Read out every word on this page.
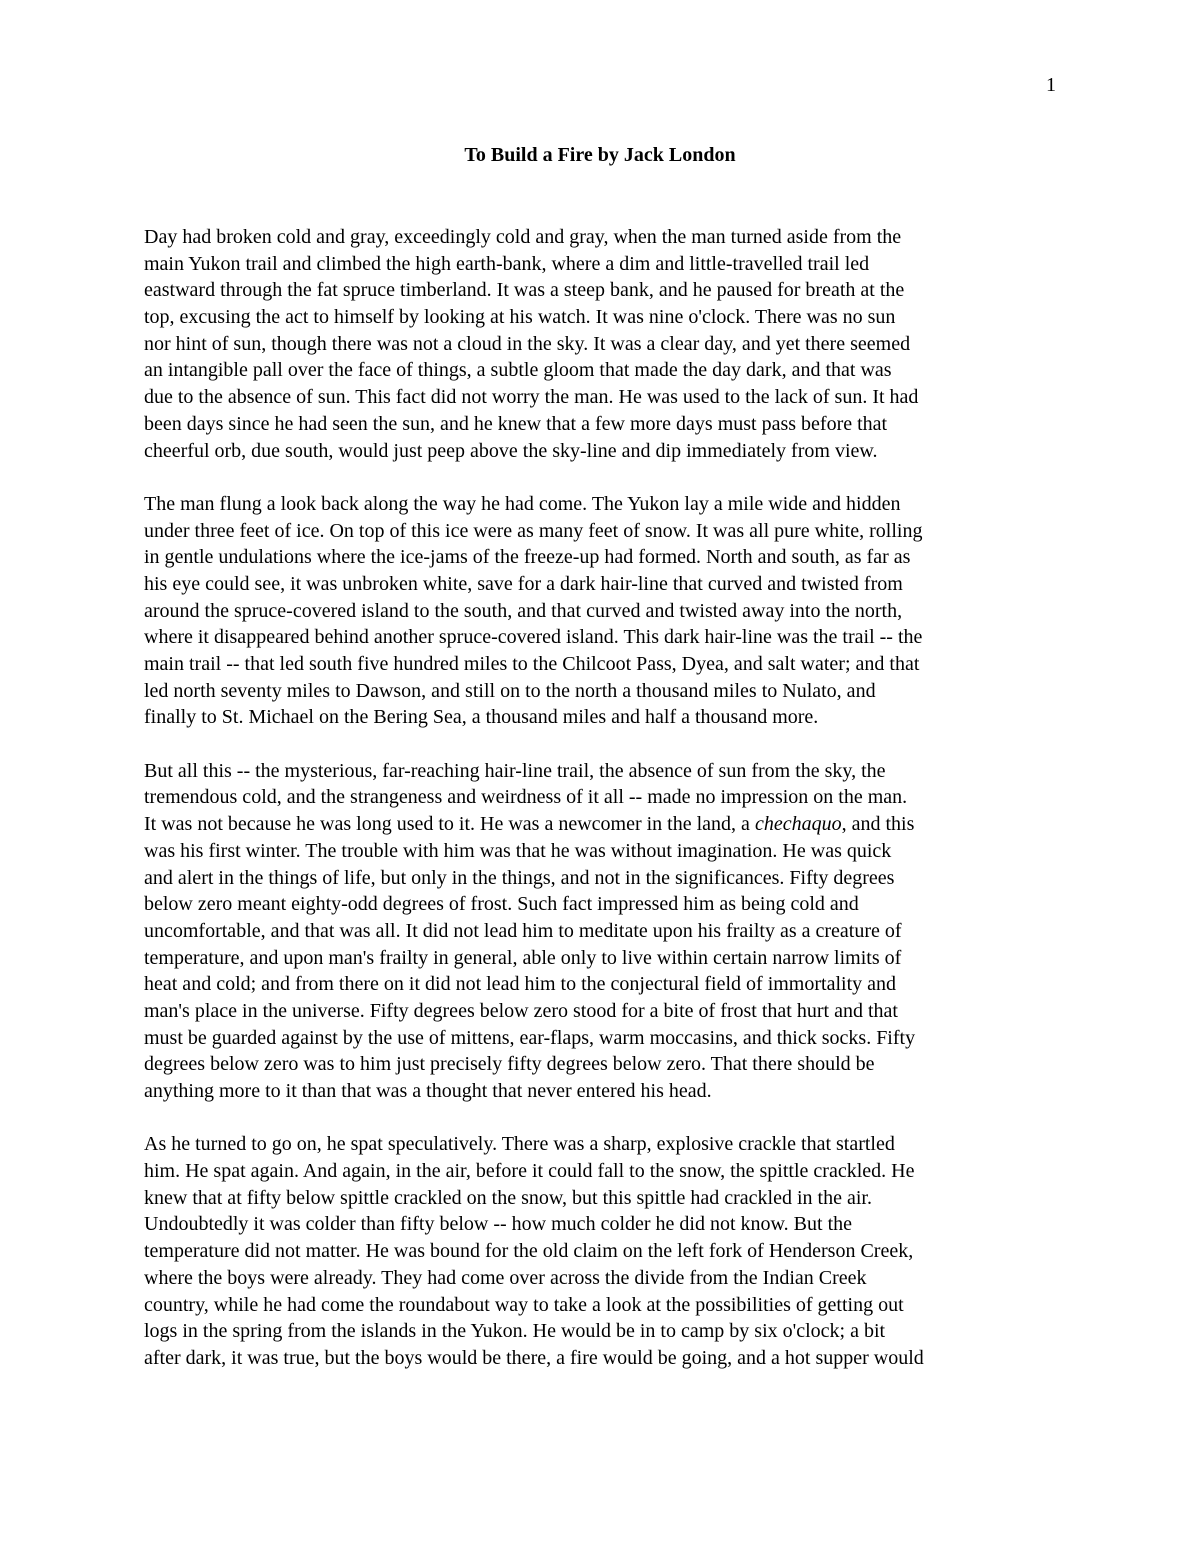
1
To Build a Fire by Jack London
Day had broken cold and gray, exceedingly cold and gray, when the man turned aside from the
main Yukon trail and climbed the high earth-bank, where a dim and little-travelled trail led
eastward through the fat spruce timberland. It was a steep bank, and he paused for breath at the
top, excusing the act to himself by looking at his watch. It was nine o'clock. There was no sun
nor hint of sun, though there was not a cloud in the sky. It was a clear day, and yet there seemed
an intangible pall over the face of things, a subtle gloom that made the day dark, and that was
due to the absence of sun. This fact did not worry the man. He was used to the lack of sun. It had
been days since he had seen the sun, and he knew that a few more days must pass before that
cheerful orb, due south, would just peep above the sky-line and dip immediately from view.
The man flung a look back along the way he had come. The Yukon lay a mile wide and hidden
under three feet of ice. On top of this ice were as many feet of snow. It was all pure white, rolling
in gentle undulations where the ice-jams of the freeze-up had formed. North and south, as far as
his eye could see, it was unbroken white, save for a dark hair-line that curved and twisted from
around the spruce-covered island to the south, and that curved and twisted away into the north,
where it disappeared behind another spruce-covered island. This dark hair-line was the trail -- the
main trail -- that led south five hundred miles to the Chilcoot Pass, Dyea, and salt water; and that
led north seventy miles to Dawson, and still on to the north a thousand miles to Nulato, and
finally to St. Michael on the Bering Sea, a thousand miles and half a thousand more.
But all this -- the mysterious, far-reaching hair-line trail, the absence of sun from the sky, the
tremendous cold, and the strangeness and weirdness of it all -- made no impression on the man.
It was not because he was long used to it. He was a newcomer in the land, a chechaquo, and this
was his first winter. The trouble with him was that he was without imagination. He was quick
and alert in the things of life, but only in the things, and not in the significances. Fifty degrees
below zero meant eighty-odd degrees of frost. Such fact impressed him as being cold and
uncomfortable, and that was all. It did not lead him to meditate upon his frailty as a creature of
temperature, and upon man's frailty in general, able only to live within certain narrow limits of
heat and cold; and from there on it did not lead him to the conjectural field of immortality and
man's place in the universe. Fifty degrees below zero stood for a bite of frost that hurt and that
must be guarded against by the use of mittens, ear-flaps, warm moccasins, and thick socks. Fifty
degrees below zero was to him just precisely fifty degrees below zero. That there should be
anything more to it than that was a thought that never entered his head.
As he turned to go on, he spat speculatively. There was a sharp, explosive crackle that startled
him. He spat again. And again, in the air, before it could fall to the snow, the spittle crackled. He
knew that at fifty below spittle crackled on the snow, but this spittle had crackled in the air.
Undoubtedly it was colder than fifty below -- how much colder he did not know. But the
temperature did not matter. He was bound for the old claim on the left fork of Henderson Creek,
where the boys were already. They had come over across the divide from the Indian Creek
country, while he had come the roundabout way to take a look at the possibilities of getting out
logs in the spring from the islands in the Yukon. He would be in to camp by six o'clock; a bit
after dark, it was true, but the boys would be there, a fire would be going, and a hot supper would
